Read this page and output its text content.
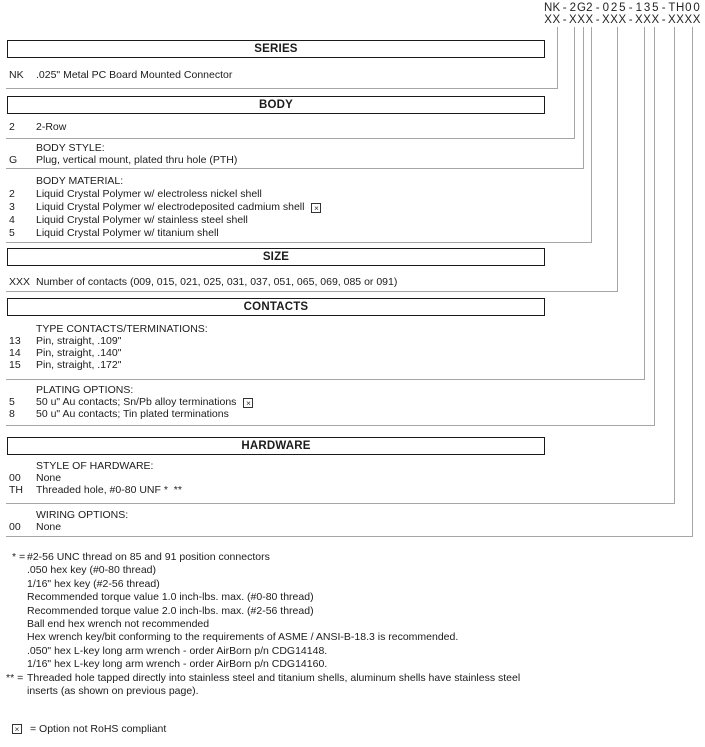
N K - 2 G 2 - 0 2 5 - 1 3 5 - T H 0 0
X X - X X X - X X X - X X X - X X X X
SERIES
NK .025" Metal PC Board Mounted Connector
BODY
2 2-Row
BODY STYLE:
G Plug, vertical mount, plated thru hole (PTH)
BODY MATERIAL:
2 Liquid Crystal Polymer w/ electroless nickel shell
3 Liquid Crystal Polymer w/ electrodeposited cadmium shell ×
4 Liquid Crystal Polymer w/ stainless steel shell
5 Liquid Crystal Polymer w/ titanium shell
SIZE
XXX Number of contacts (009, 015, 021, 025, 031, 037, 051, 065, 069, 085 or 091)
CONTACTS
TYPE CONTACTS/TERMINATIONS:
13 Pin, straight, .109"
14 Pin, straight, .140"
15 Pin, straight, .172"
PLATING OPTIONS:
5 50 u" Au contacts; Sn/Pb alloy terminations ×
8 50 u" Au contacts; Tin plated terminations
HARDWARE
STYLE OF HARDWARE:
00 None
TH Threaded hole, #0-80 UNF *  **
WIRING OPTIONS:
00 None
* = #2-56 UNC thread on 85 and 91 position connectors
.050 hex key (#0-80 thread)
1/16" hex key (#2-56 thread)
Recommended torque value 1.0 inch-lbs. max. (#0-80 thread)
Recommended torque value 2.0 inch-lbs. max. (#2-56 thread)
Ball end hex wrench not recommended
Hex wrench key/bit conforming to the requirements of ASME / ANSI-B-18.3 is recommended.
.050" hex L-key long arm wrench - order AirBorn p/n CDG14148.
1/16" hex L-key long arm wrench - order AirBorn p/n CDG14160.
** = Threaded hole tapped directly into stainless steel and titanium shells, aluminum shells have stainless steel
inserts (as shown on previous page).
× = Option not RoHS compliant
